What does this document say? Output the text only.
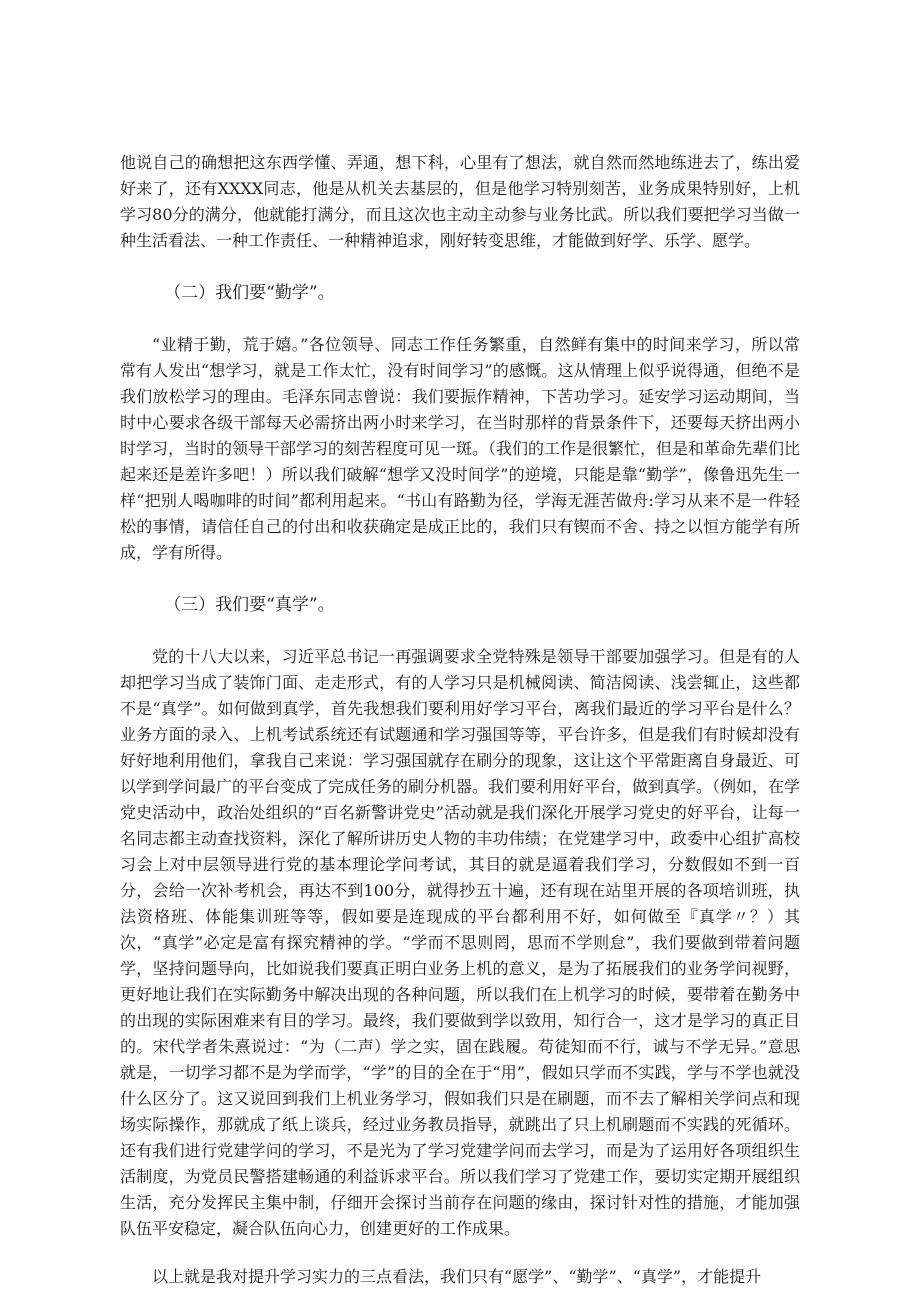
他说自己的确想把这东西学懂、弄通，想下科，心里有了想法，就自然而然地练进去了，练出爱好来了，还有XXXX同志，他是从机关去基层的，但是他学习特别刻苦，业务成果特别好，上机学习80分的满分，他就能打满分，而且这次也主动主动参与业务比武。所以我们要把学习当做一种生活看法、一种工作责任、一种精神追求，刚好转变思维，才能做到好学、乐学、愿学。

（二）我们要“勤学”。

“业精于勤，荒于嬉。”各位领导、同志工作任务繁重，自然鲜有集中的时间来学习，所以常常有人发出“想学习，就是工作太忙，没有时间学习”的感慨。这从情理上似乎说得通，但绝不是我们放松学习的理由。毛泽东同志曾说：我们要振作精神，下苦功学习。延安学习运动期间，当时中心要求各级干部每天必需挤出两小时来学习，在当时那样的背景条件下，还要每天挤出两小时学习，当时的领导干部学习的刻苦程度可见一斑。（我们的工作是很繁忙，但是和革命先辈们比起来还是差许多吧！）所以我们破解“想学又没时间学”的逆境，只能是靠“勤学”，像鲁迅先生一样“把别人喝咖啡的时间”都利用起来。“书山有路勤为径，学海无涯苦做舟:学习从来不是一件轻松的事情，请信任自己的付出和收获确定是成正比的，我们只有锲而不舍、持之以恒方能学有所成，学有所得。

（三）我们要“真学”。

党的十八大以来，习近平总书记一再强调要求全党特殊是领导干部要加强学习。但是有的人却把学习当成了装饰门面、走走形式，有的人学习只是机械阅读、简洁阅读、浅尝辄止，这些都不是“真学”。如何做到真学，首先我想我们要利用好学习平台，离我们最近的学习平台是什么？业务方面的录入、上机考试系统还有试题通和学习强国等等，平台许多，但是我们有时候却没有好好地利用他们，拿我自己来说：学习强国就存在刷分的现象，这让这个平常距离自身最近、可以学到学问最广的平台变成了完成任务的刷分机器。我们要利用好平台，做到真学。（例如，在学党史活动中，政治处组织的“百名新警讲党史”活动就是我们深化开展学习党史的好平台，让每一名同志都主动查找资料，深化了解所讲历史人物的丰功伟绩；在党建学习中，政委中心组扩高校习会上对中层领导进行党的基本理论学问考试，其目的就是逼着我们学习，分数假如不到一百分，会给一次补考机会，再达不到100分，就得抄五十遍，还有现在站里开展的各项培训班，执法资格班、体能集训班等等，假如要是连现成的平台都利用不好，如何做至『真学〃？）其次，“真学”必定是富有探究精神的学。“学而不思则罔，思而不学则怠”，我们要做到带着问题学，坚持问题导向，比如说我们要真正明白业务上机的意义，是为了拓展我们的业务学问视野，更好地让我们在实际勤务中解决出现的各种问题，所以我们在上机学习的时候，要带着在勤务中的出现的实际困难来有目的学习。最终，我们要做到学以致用，知行合一，这才是学习的真正目的。宋代学者朱熹说过：“为（二声）学之实，固在践履。苟徒知而不行，诚与不学无异。”意思就是，一切学习都不是为学而学，“学”的目的全在于“用”，假如只学而不实践，学与不学也就没什么区分了。这又说回到我们上机业务学习，假如我们只是在刷题，而不去了解相关学问点和现场实际操作，那就成了纸上谈兵，经过业务教员指导，就跳出了只上机刷题而不实践的死循环。还有我们进行党建学问的学习，不是光为了学习党建学问而去学习，而是为了运用好各项组织生活制度，为党员民警搭建畅通的利益诉求平台。所以我们学习了党建工作，要切实定期开展组织生活，充分发挥民主集中制，仔细开会探讨当前存在问题的缘由，探讨针对性的措施，才能加强队伍平安稳定，凝合队伍向心力，创建更好的工作成果。

以上就是我对提升学习实力的三点看法，我们只有“愿学”、“勤学”、“真学”，才能提升
